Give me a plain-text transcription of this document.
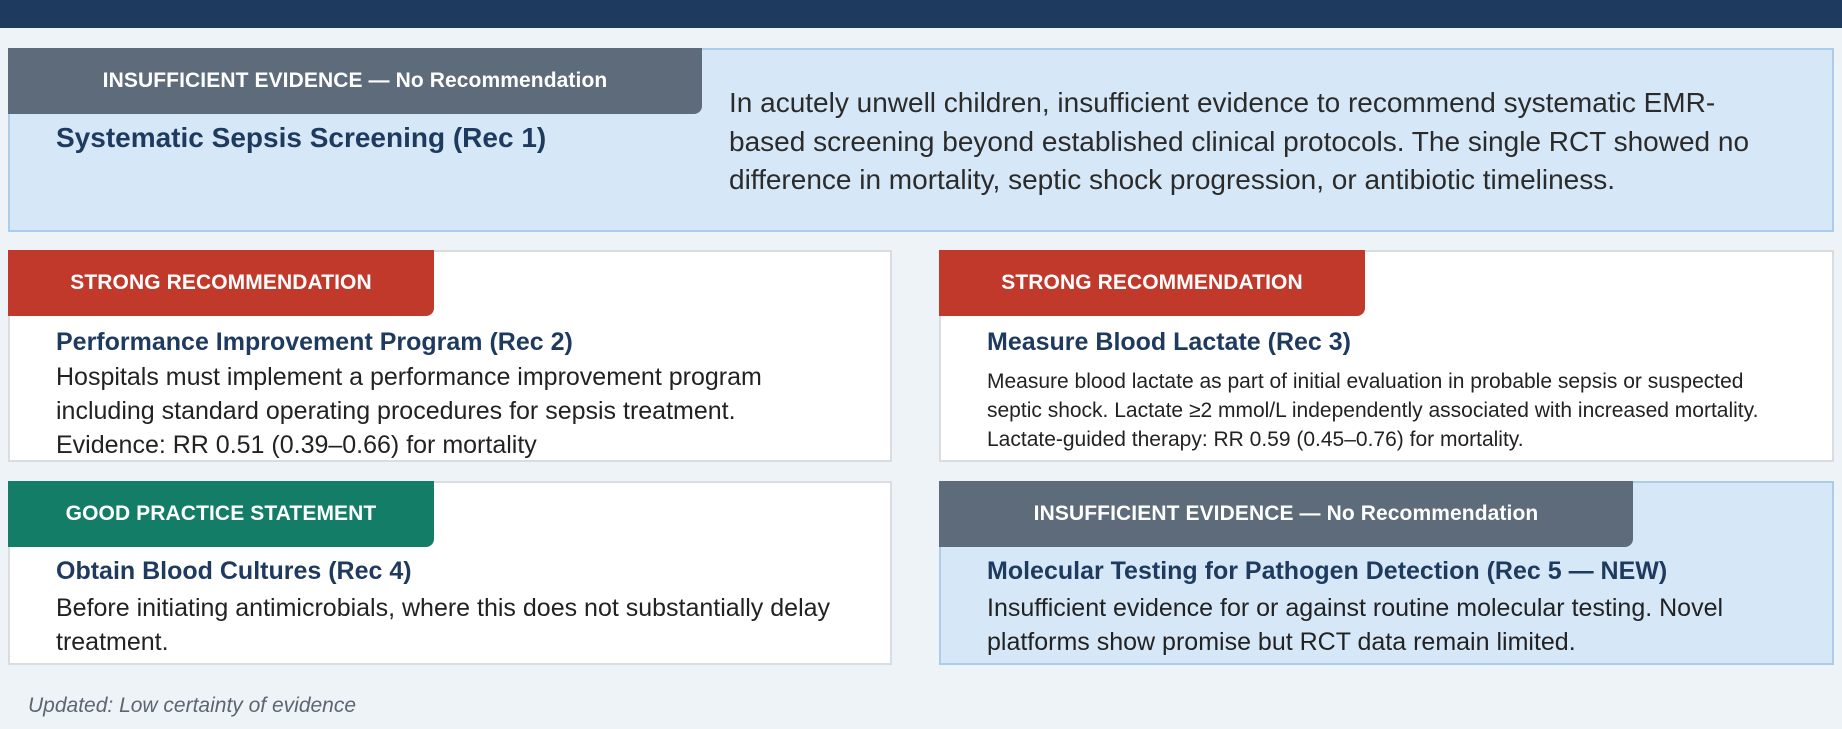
INSUFFICIENT EVIDENCE — No Recommendation
Systematic Sepsis Screening (Rec 1)
In acutely unwell children, insufficient evidence to recommend systematic EMR-based screening beyond established clinical protocols. The single RCT showed no difference in mortality, septic shock progression, or antibiotic timeliness.
STRONG RECOMMENDATION
Performance Improvement Program (Rec 2)
Hospitals must implement a performance improvement program including standard operating procedures for sepsis treatment. Evidence: RR 0.51 (0.39–0.66) for mortality
STRONG RECOMMENDATION
Measure Blood Lactate (Rec 3)
Measure blood lactate as part of initial evaluation in probable sepsis or suspected septic shock. Lactate ≥2 mmol/L independently associated with increased mortality. Lactate-guided therapy: RR 0.59 (0.45–0.76) for mortality.
GOOD PRACTICE STATEMENT
Obtain Blood Cultures (Rec 4)
Before initiating antimicrobials, where this does not substantially delay treatment.
INSUFFICIENT EVIDENCE — No Recommendation
Molecular Testing for Pathogen Detection (Rec 5 — NEW)
Insufficient evidence for or against routine molecular testing. Novel platforms show promise but RCT data remain limited.
Updated: Low certainty of evidence
